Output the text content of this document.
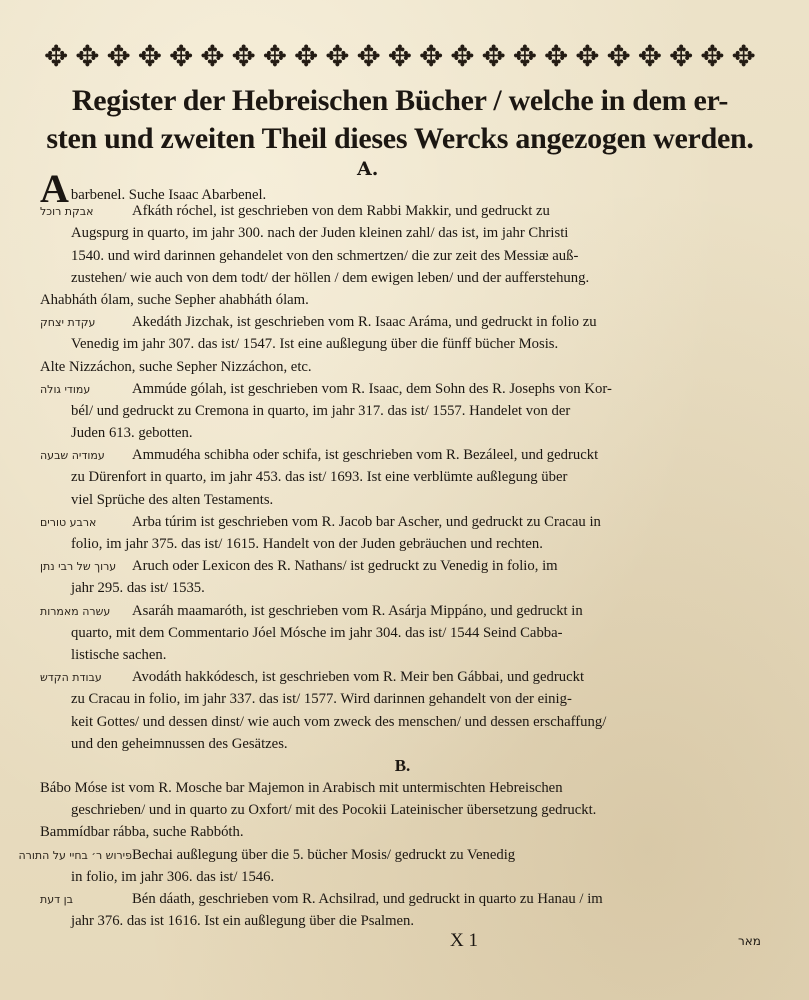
✥ ✥ ✥ ✥ ✥ ✥ ✥ ✥ ✥ ✥ ✥ ✥ ✥ ✥ ✥ ✥ ✥ ✥ ✥ ✥ ✥ ✥ ✥
Register der Hebreischen Bücher / welche in dem er-
sten und zweiten Theil dieses Wercks angezogen werden.
A.
Abarbenel. Suche Isaac Abarbenel.
אבקת רוכל	Afkáth róchel, ist geschrieben von dem Rabbi Makkir, und gedruckt zu
Augspurg in quarto, im jahr 300. nach der Juden kleinen zahl/ das ist, im jahr Christi
1540. und wird darinnen gehandelet von den schmertzen/ die zur zeit des Messiæ auß-
zustehen/ wie auch von dem todt/ der höllen / dem ewigen leben/ und der aufferstehung.
Ahabháth ólam, suche Sepher ahabháth ólam.
עקדת יצחק Akedáth Jizchak, ist geschrieben vom R. Isaac Aráma, und gedruckt in folio zu
Venedig im jahr 307. das ist/ 1547. Ist eine außlegung über die fünff bücher Mosis.
Alte Nizzáchon, suche Sepher Nizzáchon, etc.
עמודי גולה	Ammúde gólah, ist geschrieben vom R. Isaac, dem Sohn des R. Josephs von Kor-
bél/ und gedruckt zu Cremona in quarto, im jahr 317. das ist/ 1557. Handelet von der
Juden 613. gebotten.
עמודיה שבעה Ammudéha schibha oder schifa, ist geschrieben vom R. Bezáleel, und gedruckt
zu Dürenfort in quarto, im jahr 453. das ist/ 1693. Ist eine verblümte außlegung über
viel Sprüche des alten Testaments.
ארבע טורים Arba túrim ist geschrieben vom R. Jacob bar Ascher, und gedruckt zu Cracau in
folio, im jahr 375. das ist/ 1615. Handelt von der Juden gebräuchen und rechten.
ערוך של רבי נתן Aruch oder Lexicon des R. Nathans/ ist gedruckt zu Venedig in folio, im
jahr 295. das ist/ 1535.
עשרה מאמרות Asaráh maamaróth, ist geschrieben vom R. Asárja Mippáno, und gedruckt in
quarto, mit dem Commentario Jóel Mósche im jahr 304. das ist/ 1544 Seind Cabba-
listische sachen.
עבודת הקדש Avodáth hakkódesch, ist geschrieben vom R. Meir ben Gábbai, und gedruckt
zu Cracau in folio, im jahr 337. das ist/ 1577. Wird darinnen gehandelt von der einig-
keit Gottes/ und dessen dinst/ wie auch vom zweck des menschen/ und dessen erschaffung/
und den geheimnussen des Gesätzes.
B.
Bábo Móse ist vom R. Mosche bar Majemon in Arabisch mit untermischten Hebreischen
geschrieben/ und in quarto zu Oxfort/ mit des Pocokii Lateinischer übersetzung gedruckt.
Bammídbar rábba, suche Rabbóth.
פירוש ר׳ בחיי על התורהBechai außlegung über die 5. bücher Mosis/ gedruckt zu Venedig
in folio, im jahr 306. das ist/ 1546.
בן דעת	Bén dáath, geschrieben vom R. Achsilrad, und gedruckt in quarto zu Hanau / im
jahr 376. das ist 1616. Ist ein außlegung über die Psalmen.
X 1	מאר
